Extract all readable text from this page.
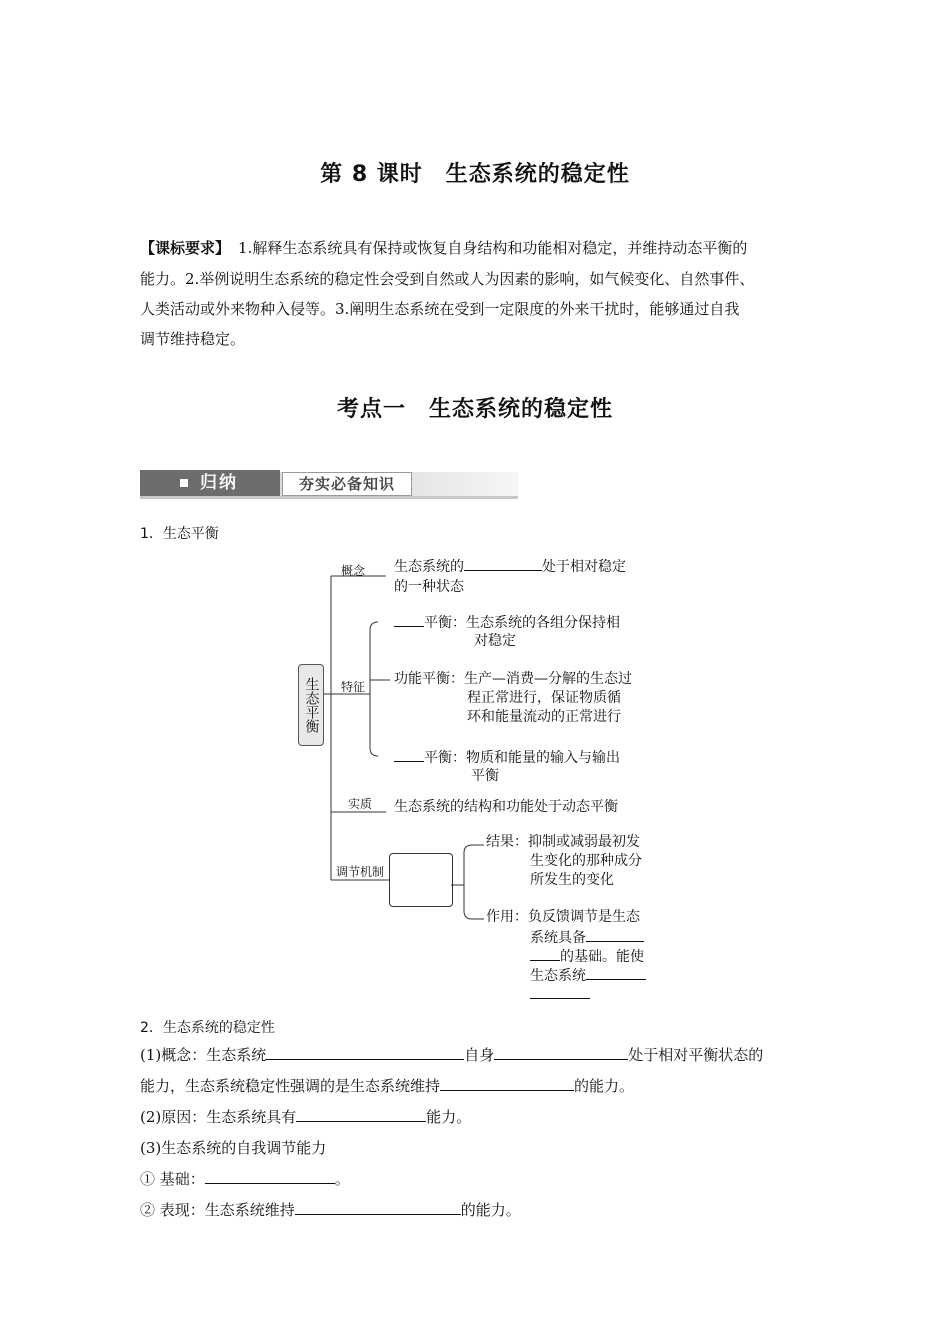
第 8 课时　生态系统的稳定性
【课标要求】 1.解释生态系统具有保持或恢复自身结构和功能相对稳定，并维持动态平衡的
能力。2.举例说明生态系统的稳定性会受到自然或人为因素的影响，如气候变化、自然事件、
人类活动或外来物种入侵等。3.阐明生态系统在受到一定限度的外来干扰时，能够通过自我
调节维持稳定。
考点一　生态系统的稳定性
归纳	夯实必备知识
1．生态平衡
生态平衡
概念 生态系统的	处于相对稳定
的一种状态
特征
平衡：生态系统的各组分保持相
对稳定
功能平衡：生产—消费—分解的生态过
程正常进行，保证物质循
环和能量流动的正常进行
平衡：物质和能量的输入与输出
平衡
实质 生态系统的结构和功能处于动态平衡
调节机制
结果：抑制或减弱最初发
生变化的那种成分
所发生的变化
作用：负反馈调节是生态
系统具备
的基础。能使
生态系统
2．生态系统的稳定性
(1)概念：生态系统	自身	处于相对平衡状态的
能力，生态系统稳定性强调的是生态系统维持	的能力。
(2)原因：生态系统具有	能力。
(3)生态系统的自我调节能力
① 基础：	。
② 表现：生态系统维持	的能力。
